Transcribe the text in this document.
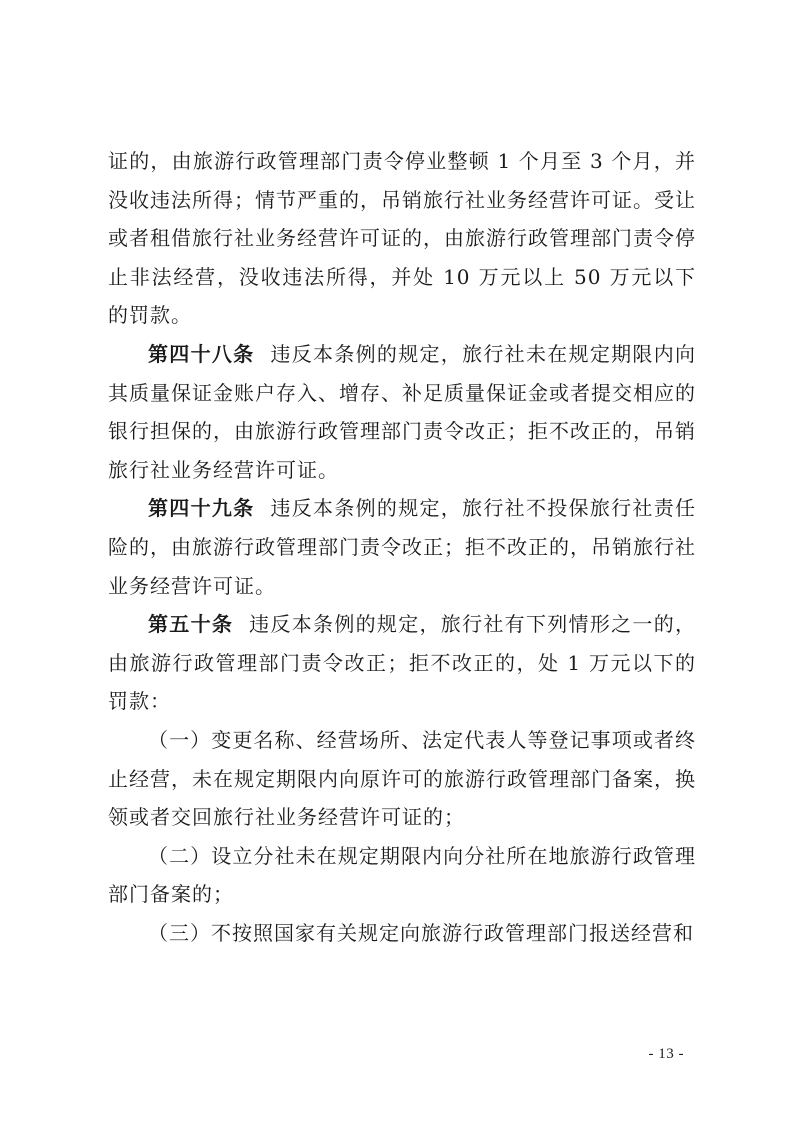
证的，由旅游行政管理部门责令停业整顿 1 个月至 3 个月，并没收违法所得；情节严重的，吊销旅行社业务经营许可证。受让或者租借旅行社业务经营许可证的，由旅游行政管理部门责令停止非法经营，没收违法所得，并处 10 万元以上 50 万元以下的罚款。

第四十八条 违反本条例的规定，旅行社未在规定期限内向其质量保证金账户存入、增存、补足质量保证金或者提交相应的银行担保的，由旅游行政管理部门责令改正；拒不改正的，吊销旅行社业务经营许可证。

第四十九条 违反本条例的规定，旅行社不投保旅行社责任险的，由旅游行政管理部门责令改正；拒不改正的，吊销旅行社业务经营许可证。

第五十条 违反本条例的规定，旅行社有下列情形之一的，由旅游行政管理部门责令改正；拒不改正的，处 1 万元以下的罚款：

（一）变更名称、经营场所、法定代表人等登记事项或者终止经营，未在规定期限内向原许可的旅游行政管理部门备案，换领或者交回旅行社业务经营许可证的；

（二）设立分社未在规定期限内向分社所在地旅游行政管理部门备案的；

（三）不按照国家有关规定向旅游行政管理部门报送经营和

- 13 -
